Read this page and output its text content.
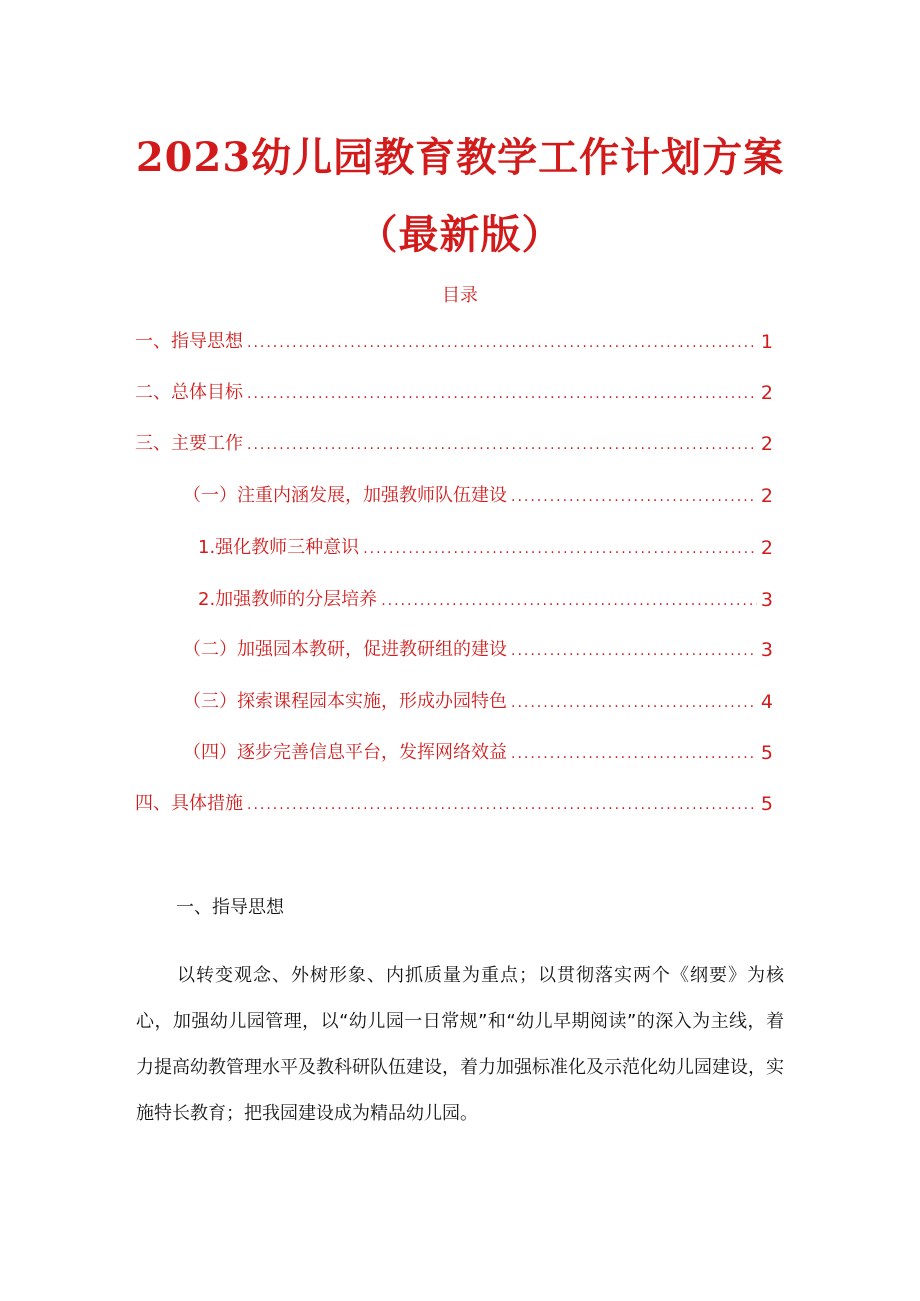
2023幼儿园教育教学工作计划方案
（最新版）
目录
一、指导思想 .....	1
二、总体目标 .....	2
三、主要工作 .....	2
（一）注重内涵发展，加强教师队伍建设 .....	2
1.强化教师三种意识 .....	2
2.加强教师的分层培养 .....	3
（二）加强园本教研，促进教研组的建设 .....	3
（三）探索课程园本实施，形成办园特色 .....	4
（四）逐步完善信息平台，发挥网络效益 .....	5
四、具体措施 .....	5
一、指导思想

以转变观念、外树形象、内抓质量为重点；以贯彻落实两个《纲要》为核心，加强幼儿园管理，以“幼儿园一日常规”和“幼儿早期阅读”的深入为主线，着力提高幼教管理水平及教科研队伍建设，着力加强标准化及示范化幼儿园建设，实施特长教育；把我园建设成为精品幼儿园。
